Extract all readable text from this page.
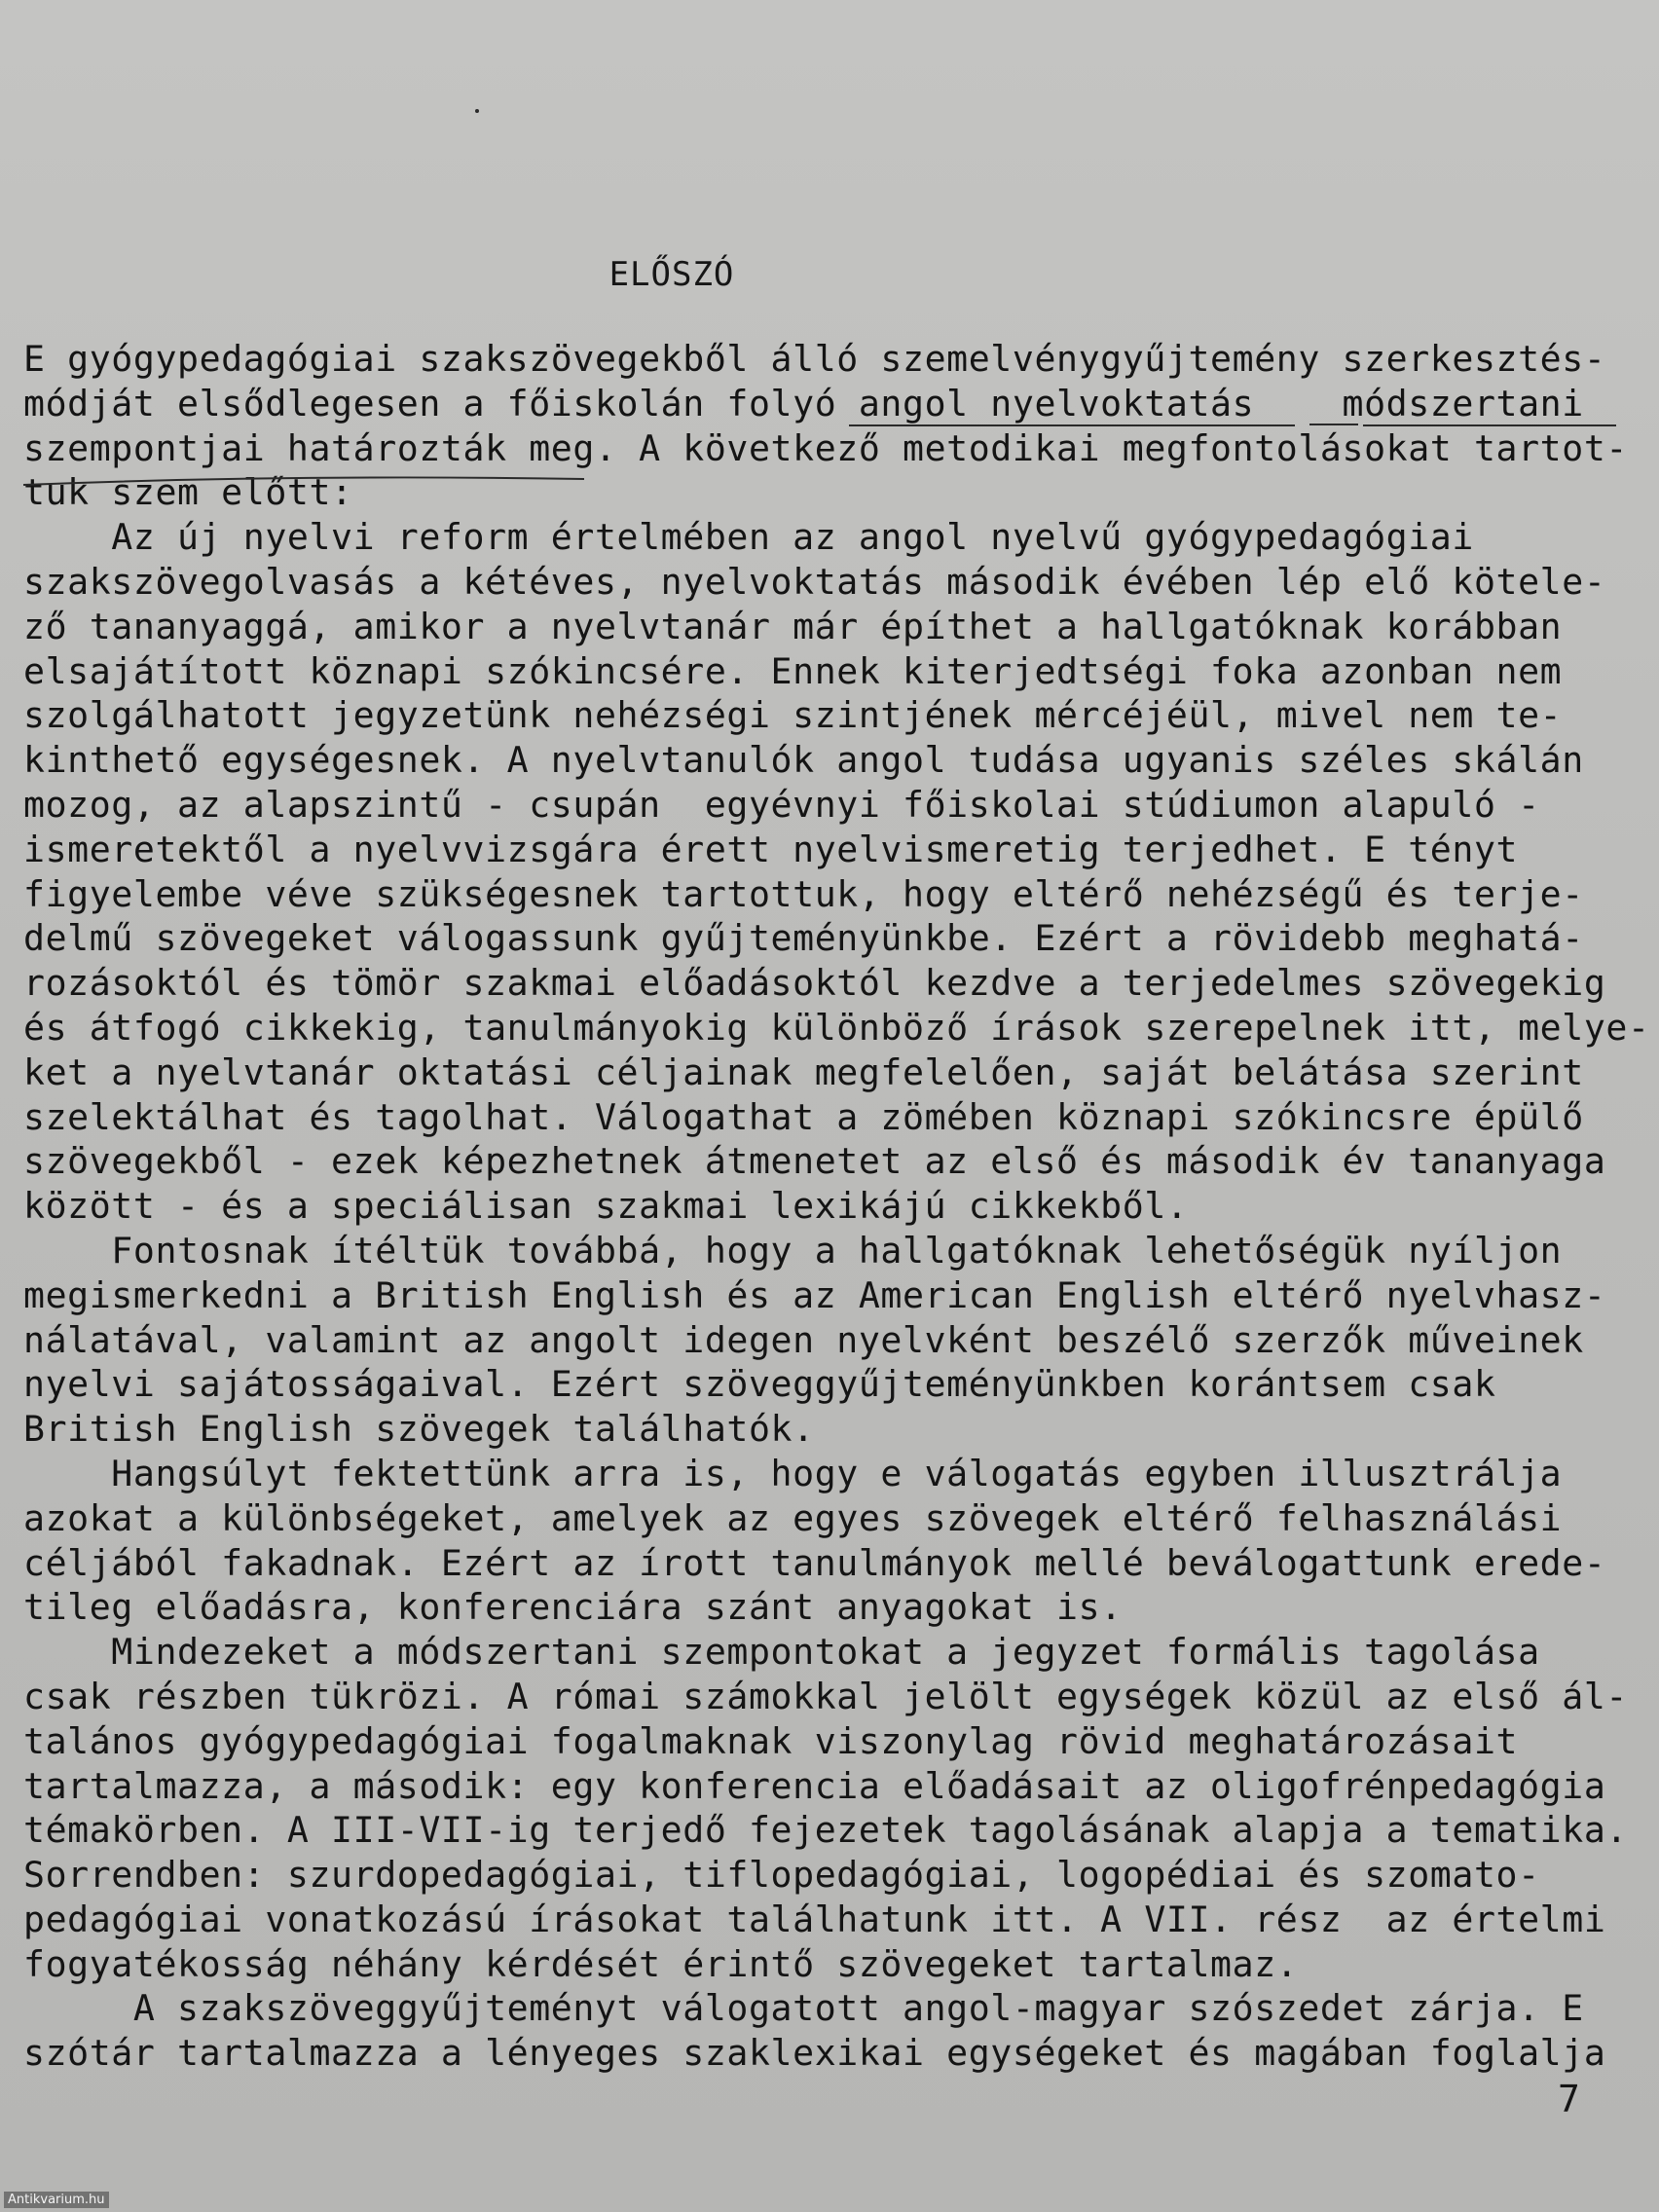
ELŐSZÓ
E gyógypedagógiai szakszövegekből álló szemelvénygyűjtemény szerkesztés-
módját elsődlegesen a főiskolán folyó angol nyelvoktatás    módszertani
szempontjai határozták meg. A következő metodikai megfontolásokat tartot-
tuk szem előtt:
Az új nyelvi reform értelmében az angol nyelvű gyógypedagógiai
szakszövegolvasás a kétéves, nyelvoktatás második évében lép elő kötele-
ző tananyaggá, amikor a nyelvtanár már építhet a hallgatóknak korábban
elsajátított köznapi szókincsére. Ennek kiterjedtségi foka azonban nem
szolgálhatott jegyzetünk nehézségi szintjének mércéjéül, mivel nem te-
kinthető egységesnek. A nyelvtanulók angol tudása ugyanis széles skálán
mozog, az alapszintű - csupán  egyévnyi főiskolai stúdiumon alapuló -
ismeretektől a nyelvvizsgára érett nyelvismeretig terjedhet. E tényt
figyelembe véve szükségesnek tartottuk, hogy eltérő nehézségű és terje-
delmű szövegeket válogassunk gyűjteményünkbe. Ezért a rövidebb meghatá-
rozásoktól és tömör szakmai előadásoktól kezdve a terjedelmes szövegekig
és átfogó cikkekig, tanulmányokig különböző írások szerepelnek itt, melye-
ket a nyelvtanár oktatási céljainak megfelelően, saját belátása szerint
szelektálhat és tagolhat. Válogathat a zömében köznapi szókincsre épülő
szövegekből - ezek képezhetnek átmenetet az első és második év tananyaga
között - és a speciálisan szakmai lexikájú cikkekből.
Fontosnak ítéltük továbbá, hogy a hallgatóknak lehetőségük nyíljon
megismerkedni a British English és az American English eltérő nyelvhasz-
nálatával, valamint az angolt idegen nyelvként beszélő szerzők műveinek
nyelvi sajátosságaival. Ezért szöveggyűjteményünkben korántsem csak
British English szövegek találhatók.
Hangsúlyt fektettünk arra is, hogy e válogatás egyben illusztrálja
azokat a különbségeket, amelyek az egyes szövegek eltérő felhasználási
céljából fakadnak. Ezért az írott tanulmányok mellé beválogattunk erede-
tileg előadásra, konferenciára szánt anyagokat is.
Mindezeket a módszertani szempontokat a jegyzet formális tagolása
csak részben tükrözi. A római számokkal jelölt egységek közül az első ál-
talános gyógypedagógiai fogalmaknak viszonylag rövid meghatározásait
tartalmazza, a második: egy konferencia előadásait az oligofrénpedagógia
témakörben. A III-VII-ig terjedő fejezetek tagolásának alapja a tematika.
Sorrendben: szurdopedagógiai, tiflopedagógiai, logopédiai és szomato-
pedagógiai vonatkozású írásokat találhatunk itt. A VII. rész  az értelmi
fogyatékosság néhány kérdését érintő szövegeket tartalmaz.
A szakszöveggyűjteményt válogatott angol-magyar szószedet zárja. E
szótár tartalmazza a lényeges szaklexikai egységeket és magában foglalja
7
Antikvarium.hu
